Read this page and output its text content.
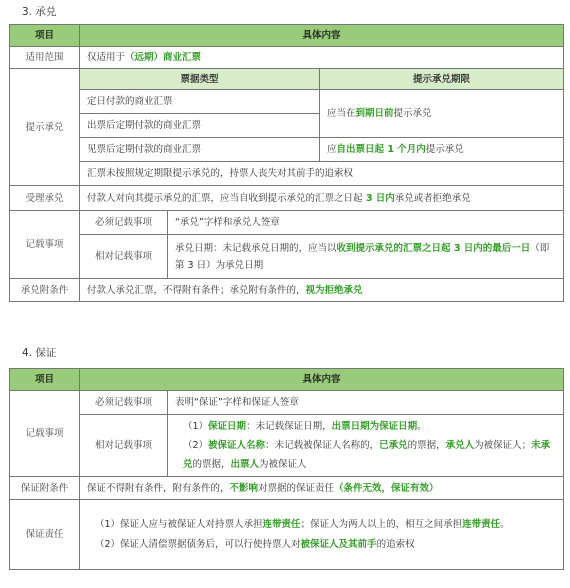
3. 承兑
项目	具体内容		
适用范围	仅适用于（远期）商业汇票		
提示承兑	票据类型		提示承兑期限
	定日付款的商业汇票		应当在到期日前提示承兑
	出票后定期付款的商业汇票		
	见票后定期付款的商业汇票		应自出票日起 1 个月内提示承兑
	汇票未按照规定期限提示承兑的，持票人丧失对其前手的追索权		
受理承兑	付款人对向其提示承兑的汇票，应当自收到提示承兑的汇票之日起 3 日内承兑或者拒绝承兑		
记载事项	必须记载事项	“承兑”字样和承兑人签章	
	相对记载事项	承兑日期：未记载承兑日期的，应当以收到提示承兑的汇票之日起 3 日内的最后一日（即第 3 日）为承兑日期	
承兑附条件	付款人承兑汇票，不得附有条件；承兑附有条件的，视为拒绝承兑		
4. 保证
项目	具体内容	
记载事项	必须记载事项	表明“保证”字样和保证人签章
	相对记载事项	（1）保证日期：未记载保证日期，出票日期为保证日期。
（2）被保证人名称：未记载被保证人名称的，已承兑的票据，承兑人为被保证人；未承兑的票据，出票人为被保证人

保证附条件	保证不得附有条件，附有条件的，不影响对票据的保证责任（条件无效，保证有效）	
保证责任	（1）保证人应与被保证人对持票人承担连带责任；保证人为两人以上的，相互之间承担连带责任。
（2）保证人清偿票据债务后，可以行使持票人对被保证人及其前手的追索权	
